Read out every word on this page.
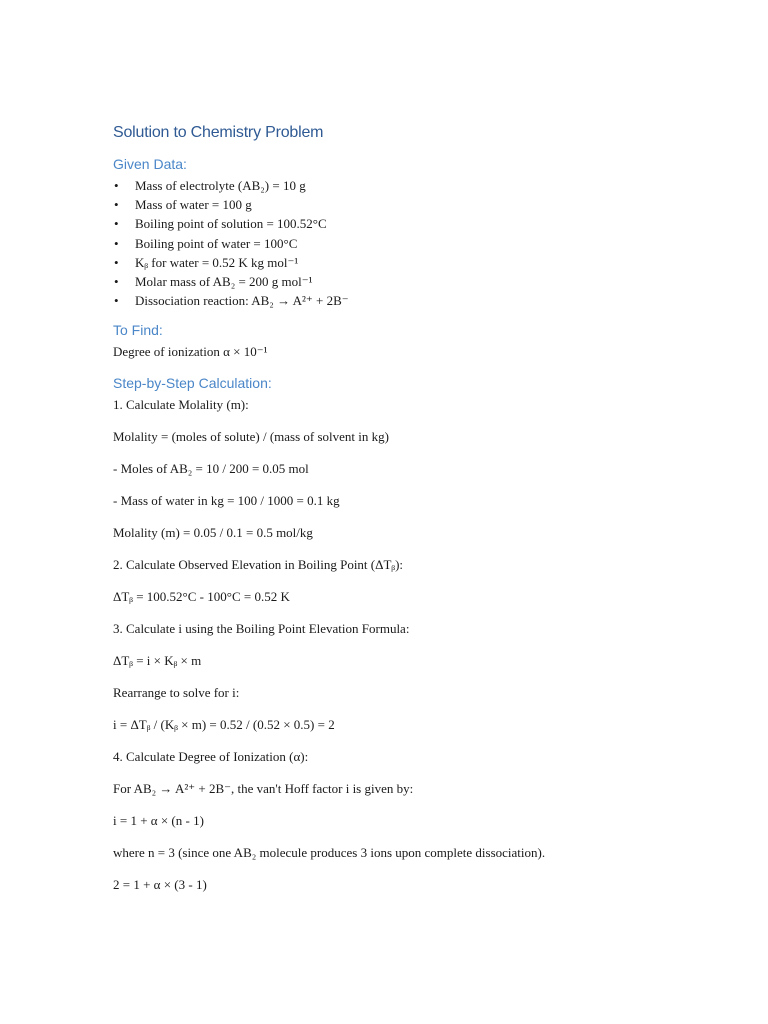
Solution to Chemistry Problem
Given Data:
• Mass of electrolyte (AB₂) = 10 g
• Mass of water = 100 g
• Boiling point of solution = 100.52°C
• Boiling point of water = 100°C
• Kᵦ for water = 0.52 K kg mol⁻¹
• Molar mass of AB₂ = 200 g mol⁻¹
• Dissociation reaction: AB₂ → A²⁺ + 2B⁻
To Find:

Degree of ionization α × 10⁻¹

Step-by-Step Calculation:

1. Calculate Molality (m):

Molality = (moles of solute) / (mass of solvent in kg)

- Moles of AB₂ = 10 / 200 = 0.05 mol

- Mass of water in kg = 100 / 1000 = 0.1 kg

Molality (m) = 0.05 / 0.1 = 0.5 mol/kg

2. Calculate Observed Elevation in Boiling Point (ΔTᵦ):

ΔTᵦ = 100.52°C - 100°C = 0.52 K

3. Calculate i using the Boiling Point Elevation Formula:

ΔTᵦ = i × Kᵦ × m

Rearrange to solve for i:

i = ΔTᵦ / (Kᵦ × m) = 0.52 / (0.52 × 0.5) = 2

4. Calculate Degree of Ionization (α):

For AB₂ → A²⁺ + 2B⁻, the van't Hoff factor i is given by:

i = 1 + α × (n - 1)

where n = 3 (since one AB₂ molecule produces 3 ions upon complete dissociation).

2 = 1 + α × (3 - 1)
